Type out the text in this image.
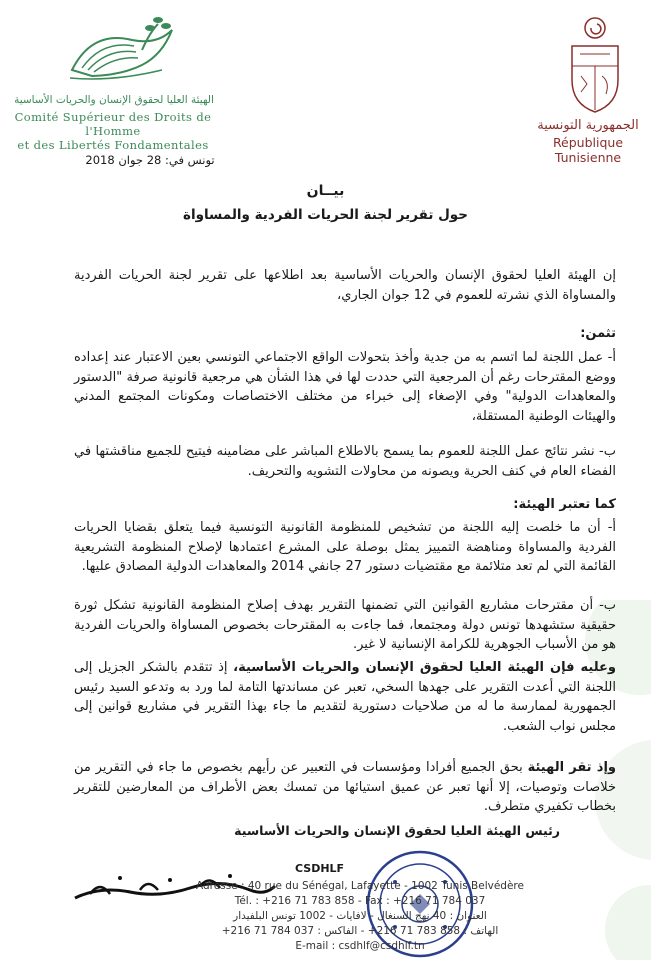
الهيئة العليا لحقوق الإنسان والحريات الأساسية
Comité Supérieur des Droits de l'Homme
et des Libertés Fondamentales
الجمهورية التونسية
République Tunisienne
تونس في: 28 جوان 2018
بيــان
حول تقرير لجنة الحريات الفردية والمساواة
إن الهيئة العليا لحقوق الإنسان والحريات الأساسية بعد اطلاعها على تقرير لجنة الحريات الفردية والمساواة الذي نشرته للعموم في 12 جوان الجاري،
تثمن:
أ- عمل اللجنة لما اتسم به من جدية وأخذ بتحولات الواقع الاجتماعي التونسي بعين الاعتبار عند إعداده ووضع المقترحات رغم أن المرجعية التي حددت لها في هذا الشأن هي مرجعية قانونية صرفة "الدستور والمعاهدات الدولية" وفي الإصغاء إلى خبراء من مختلف الاختصاصات ومكونات المجتمع المدني والهيئات الوطنية المستقلة،
ب- نشر نتائج عمل اللجنة للعموم بما يسمح بالاطلاع المباشر على مضامينه فيتيح للجميع مناقشتها في الفضاء العام في كنف الحرية ويصونه من محاولات التشويه والتحريف.
كما تعتبر الهيئة:
أ- أن ما خلصت إليه اللجنة من تشخيص للمنظومة القانونية التونسية فيما يتعلق بقضايا الحريات الفردية والمساواة ومناهضة التمييز يمثل بوصلة على المشرع اعتمادها لإصلاح المنظومة التشريعية القائمة التي لم تعد متلائمة مع مقتضيات دستور 27 جانفي 2014 والمعاهدات الدولية المصادق عليها.
ب- أن مقترحات مشاريع القوانين التي تضمنها التقرير بهدف إصلاح المنظومة القانونية تشكل ثورة حقيقية ستشهدها تونس دولة ومجتمعا، فما جاءت به المقترحات بخصوص المساواة والحريات الفردية هو من الأسباب الجوهرية للكرامة الإنسانية لا غير.
وعليه فإن الهيئة العليا لحقوق الإنسان والحريات الأساسية، إذ تتقدم بالشكر الجزيل إلى اللجنة التي أعدت التقرير على جهدها السخي، تعبر عن مساندتها التامة لما ورد به وتدعو السيد رئيس الجمهورية لممارسة ما له من صلاحيات دستورية لتقديم ما جاء بهذا التقرير في مشاريع قوانين إلى مجلس نواب الشعب.
وإذ تقر الهيئة بحق الجميع أفرادا ومؤسسات في التعبير عن رأيهم بخصوص ما جاء في التقرير من خلاصات وتوصيات، إلا أنها تعبر عن عميق استيائها من تمسك بعض الأطراف من المعارضين للتقرير بخطاب تكفيري متطرف.
رئيس الهيئة العليا لحقوق الإنسان والحريات الأساسية
CSDHLF
Adresse : 40 rue du Sénégal, Lafayette - 1002 Tunis Belvédère
Tél. : +216 71 783 858 - Fax : +216 71 784 037
العنوان : 40 نهج السنغال - لافايات - 1002 تونس البلفيدار
الهاتف : 858 783 71 216+ - الفاكس : 037 784 71 216+
E-mail : csdhlf@csdhlf.tn
